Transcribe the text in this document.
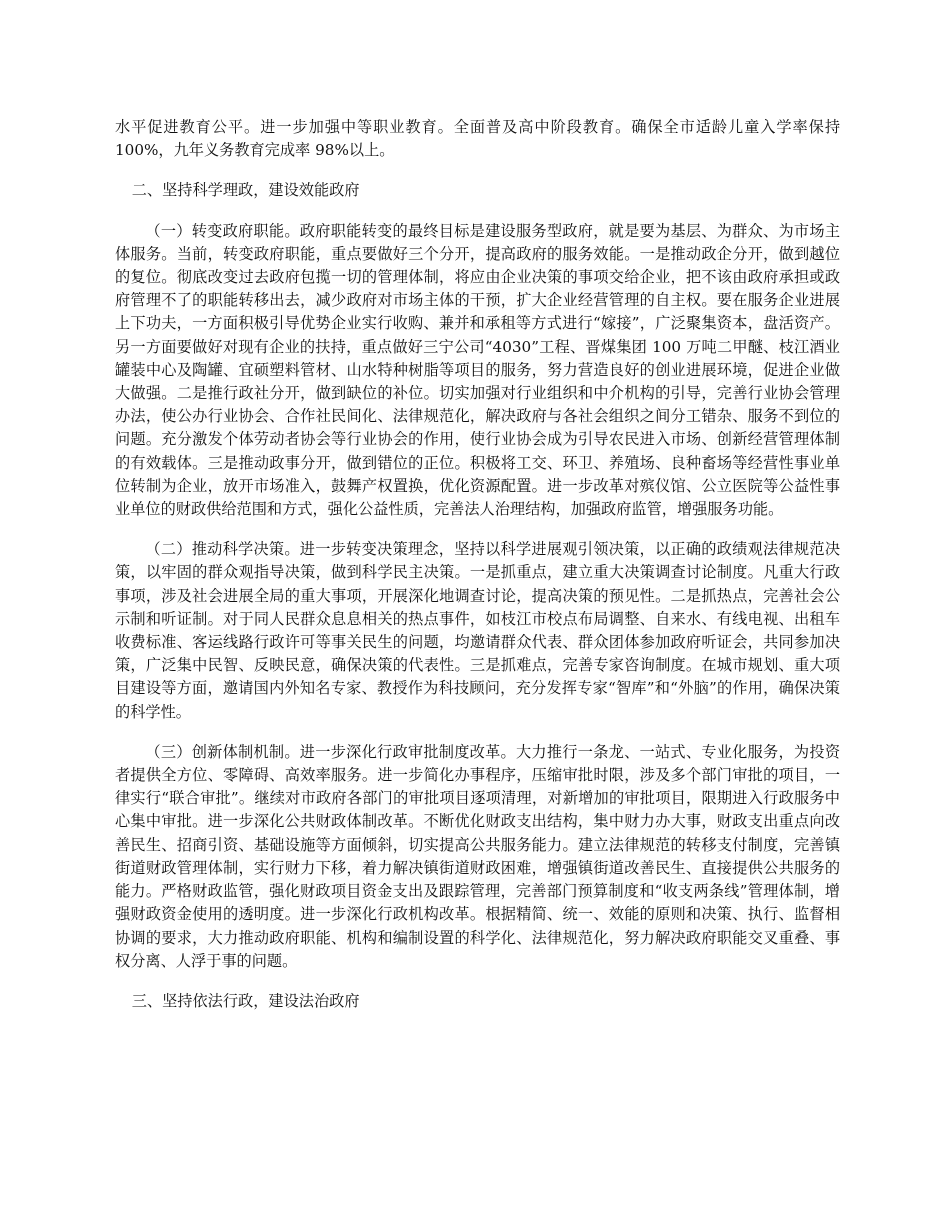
水平促进教育公平。进一步加强中等职业教育。全面普及高中阶段教育。确保全市适龄儿童入学率保持 100%，九年义务教育完成率 98%以上。

二、坚持科学理政，建设效能政府

（一）转变政府职能。政府职能转变的最终目标是建设服务型政府，就是要为基层、为群众、为市场主体服务。当前，转变政府职能，重点要做好三个分开，提高政府的服务效能。一是推动政企分开，做到越位的复位。彻底改变过去政府包揽一切的管理体制，将应由企业决策的事项交给企业，把不该由政府承担或政府管理不了的职能转移出去，减少政府对市场主体的干预，扩大企业经营管理的自主权。要在服务企业进展上下功夫，一方面积极引导优势企业实行收购、兼并和承租等方式进行“嫁接”，广泛聚集资本，盘活资产。另一方面要做好对现有企业的扶持，重点做好三宁公司“4030”工程、晋煤集团 100 万吨二甲醚、枝江酒业罐装中心及陶罐、宜硕塑料管材、山水特种树脂等项目的服务，努力营造良好的创业进展环境，促进企业做大做强。二是推行政社分开，做到缺位的补位。切实加强对行业组织和中介机构的引导，完善行业协会管理办法，使公办行业协会、合作社民间化、法律规范化，解决政府与各社会组织之间分工错杂、服务不到位的问题。充分激发个体劳动者协会等行业协会的作用，使行业协会成为引导农民进入市场、创新经营管理体制的有效载体。三是推动政事分开，做到错位的正位。积极将工交、环卫、养殖场、良种畜场等经营性事业单位转制为企业，放开市场准入，鼓舞产权置换，优化资源配置。进一步改革对殡仪馆、公立医院等公益性事业单位的财政供给范围和方式，强化公益性质，完善法人治理结构，加强政府监管，增强服务功能。

（二）推动科学决策。进一步转变决策理念，坚持以科学进展观引领决策，以正确的政绩观法律规范决策，以牢固的群众观指导决策，做到科学民主决策。一是抓重点，建立重大决策调查讨论制度。凡重大行政事项，涉及社会进展全局的重大事项，开展深化地调查讨论，提高决策的预见性。二是抓热点，完善社会公示制和听证制。对于同人民群众息息相关的热点事件，如枝江市校点布局调整、自来水、有线电视、出租车收费标准、客运线路行政许可等事关民生的问题，均邀请群众代表、群众团体参加政府听证会，共同参加决策，广泛集中民智、反映民意，确保决策的代表性。三是抓难点，完善专家咨询制度。在城市规划、重大项目建设等方面，邀请国内外知名专家、教授作为科技顾问，充分发挥专家“智库”和“外脑”的作用，确保决策的科学性。

（三）创新体制机制。进一步深化行政审批制度改革。大力推行一条龙、一站式、专业化服务，为投资者提供全方位、零障碍、高效率服务。进一步简化办事程序，压缩审批时限，涉及多个部门审批的项目，一律实行“联合审批”。继续对市政府各部门的审批项目逐项清理，对新增加的审批项目，限期进入行政服务中心集中审批。进一步深化公共财政体制改革。不断优化财政支出结构，集中财力办大事，财政支出重点向改善民生、招商引资、基础设施等方面倾斜，切实提高公共服务能力。建立法律规范的转移支付制度，完善镇街道财政管理体制，实行财力下移，着力解决镇街道财政困难，增强镇街道改善民生、直接提供公共服务的能力。严格财政监管，强化财政项目资金支出及跟踪管理，完善部门预算制度和“收支两条线”管理体制，增强财政资金使用的透明度。进一步深化行政机构改革。根据精简、统一、效能的原则和决策、执行、监督相协调的要求，大力推动政府职能、机构和编制设置的科学化、法律规范化，努力解决政府职能交叉重叠、事权分离、人浮于事的问题。

三、坚持依法行政，建设法治政府
